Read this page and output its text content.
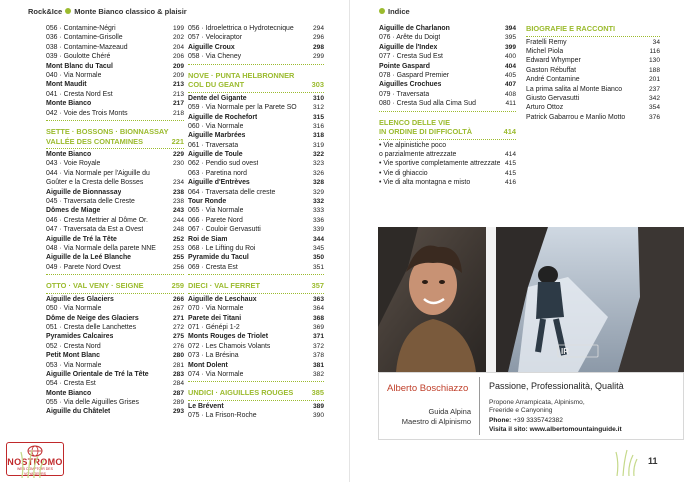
Rock&Ice Monte Bianco classico & plaisir
056 · Contamine-Négri	199
036 · Contamine-Grisolle	202
038 · Contamine-Mazeaud	204
039 · Goulotte Chéré	206
Mont Blanc du Tacul	209
040 · Via Normale	209
Mont Maudit	213
041 · Cresta Nord Est	213
Monte Bianco	217
042 · Voie des Trois Monts	218
SETTE · BOSSONS · BIONNASSAY
VALLÉE DES CONTAMINES	221
Monte Bianco	229
043 · Voie Royale	230
044 · Via Normale per l'Aiguille du
Goûter e la Cresta delle Bosses	234
Aiguille de Bionnassay	238
045 · Traversata delle Creste	238
Dômes de Miage	243
046 · Cresta Mettrier al Dôme Or.	244
047 · Traversata da Est a Ovest	248
Aiguille de Tré la Tête	252
048 · Via Normale della parete NNE	253
Aiguille de la Leé Blanche	255
049 · Parete Nord Ovest	256
OTTO · VAL VENY · SEIGNE	259
Aiguille des Glaciers	266
050 · Via Normale	267
Dôme de Neige des Glaciers	271
051 · Cresta delle Lanchettes	272
Pyramides Calcaires	275
052 · Cresta Nord	276
Petit Mont Blanc	280
053 · Via Normale	281
Aiguille Orientale de Tré la Tête	283
054 · Cresta Est	284
Monte Bianco	287
055 · Via delle Aiguilles Grises	289
Aiguille du Châtelet	293
056 · Idroelettrica o Hydrotecnique	294
057 · Velociraptor	296
Aiguille Croux	298
058 · Via Cheney	299
NOVE · PUNTA HELBRONNER
COL DU GEANT	303
Dente del Gigante	310
059 · Via Normale per la Parete SO 312
Aiguille de Rochefort	315
060 · Via Normale	316
Aiguille Marbrées	318
061 · Traversata	319
Aiguille de Toule	322
062 · Pendio sud ovest	323
063 · Paretina nord	326
Aiguille d'Entrèves	328
064 · Traversata delle creste	329
Tour Ronde	332
065 · Via Normale	333
066 · Parete Nord	336
067 · Couloir Gervasutti	339
Roi de Siam	344
068 · Le Lifting du Roi	345
Pyramide du Tacul	350
069 · Cresta Est	351
DIECI · VAL FERRET	357
Aiguille de Leschaux	363
070 · Via Normale	364
Parete dei Titani	368
071 · Génépi 1-2	369
Monts Rouges de Triolet	371
072 · Les Chamois Volants	372
073 · La Brésina	378
Mont Dolent	381
074 · Via Normale	382
UNDICI · AIGUILLES ROUGES 385
Le Brévent	389
075 · La Frison-Roche	390
NOSTROMO
WEB COMPTOIR DES VOYAGEURS
Indice
Aiguille de Charlanon	394
076 · Arête du Doigt	395
Aiguille de l'Index	399
077 · Cresta Sud Est	400
Pointe Gaspard	404
078 · Gaspard Premier	405
Aiguilles Crochues	407
079 · Traversata	408
080 · Cresta Sud alla Cima Sud	411
ELENCO DELLE VIE
IN ORDINE DI DIFFICOLTÀ	414
• Vie alpinistiche poco
o parzialmente attrezzate	414
• Vie sportive completamente attrezzate 415
• Vie di ghiaccio	415
• Vie di alta montagna e misto	416
BIOGRAFIE E RACCONTI
Fratelli Remy	34
Michel Piola	116
Edward Whymper	130
Gaston Rébuffat	188
André Contamine	201
La prima salita al Monte Bianco	237
Giusto Gervasutti	342
Arturo Ottoz	354
Patrick Gabarrou e Manlio Motto	376
11
IR
Alberto Boschiazzo
Guida Alpina
Maestro di Alpinismo
Passione, Professionalità, Qualità
Propone Arrampicata, Alpinismo,
Freeride e Canyoning
Phone: +39 3335742382
Visita il sito: www.albertomountainguide.it
